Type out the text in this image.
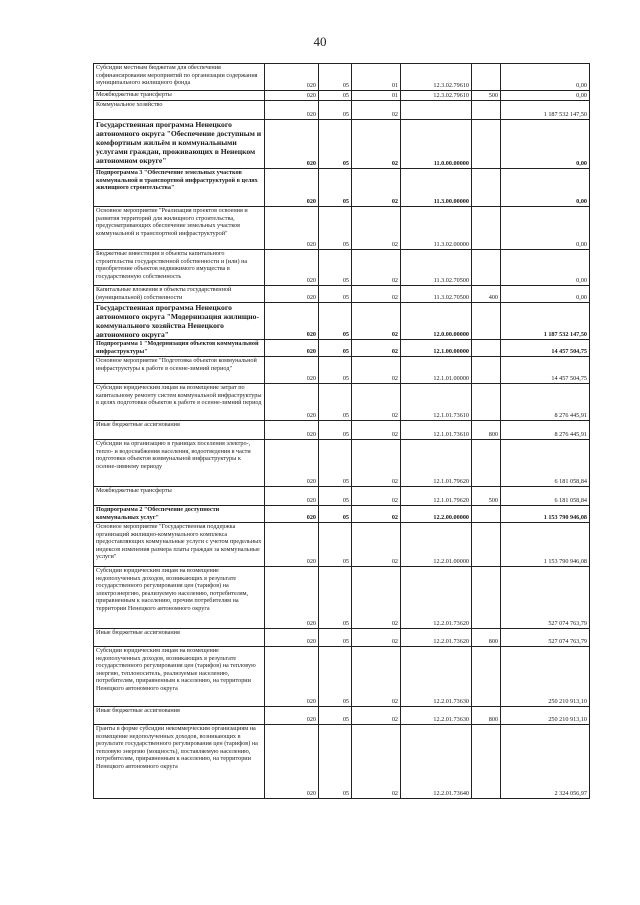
40
Субсидии местным бюджетам для обеспечения софинансирования мероприятий по организации содержания муниципального жилищного фонда	020	05	01	12.3.02.79610		0,00
Межбюджетные трансферты	020	05	01	12.3.02.79610	500	0,00
Коммунальное хозяйство	020	05	02			1 187 532 147,50
Государственная программа Ненецкого автономного округа "Обеспечение доступным и комфортным жильём и коммунальными услугами граждан, проживающих в Ненецком автономном округе"	020	05	02	11.0.00.00000		0,00
Подпрограмма 3 "Обеспечение земельных участков коммунальной и транспортной инфраструктурой в целях жилищного строительства"	020	05	02	11.3.00.00000		0,00
Основное мероприятие "Реализация проектов освоения и развития территорий для жилищного строительства, предусматривающих обеспечение земельных участков коммунальной и транспортной инфраструктурой"	020	05	02	11.3.02.00000		0,00
Бюджетные инвестиции в объекты капитального строительства государственной собственности и (или) на приобретение объектов недвижимого имущества в государственную собственность	020	05	02	11.3.02.70500		0,00
Капитальные вложения в объекты государственной (муниципальной) собственности	020	05	02	11.3.02.70500	400	0,00
Государственная программа Ненецкого автономного округа "Модернизация жилищно-коммунального хозяйства Ненецкого автономного округа"	020	05	02	12.0.00.00000		1 187 532 147,50
Подпрограмма 1 "Модернизация объектов коммунальной инфраструктуры"	020	05	02	12.1.00.00000		14 457 504,75
Основное мероприятие "Подготовка объектов коммунальной инфраструктуры к работе в осенне-зимний период"	020	05	02	12.1.01.00000		14 457 504,75
Субсидии юридическим лицам на возмещение затрат по капитальному ремонту систем коммунальной инфраструктуры в целях подготовки объектов к работе в осенне-зимний период	020	05	02	12.1.01.73610		8 276 445,91
Иные бюджетные ассигнования	020	05	02	12.1.01.73610	800	8 276 445,91
Субсидии на организацию в границах поселения электро-, тепло- и водоснабжения населения, водоотведения в части подготовки объектов коммунальной инфраструктуры к осенне-зимнему периоду	020	05	02	12.1.01.79620		6 181 058,84
Межбюджетные трансферты	020	05	02	12.1.01.79620	500	6 181 058,84
Подпрограмма 2 "Обеспечение доступности коммунальных услуг"	020	05	02	12.2.00.00000		1 153 790 946,08
Основное мероприятие "Государственная поддержка организаций жилищно-коммунального комплекса предоставляющих коммунальные услуги с учетом предельных индексов изменения размера платы граждан за коммунальные услуги"	020	05	02	12.2.01.00000		1 153 790 946,08
Субсидии юридическим лицам на возмещение недополученных доходов, возникающих в результате государственного регулирования цен (тарифов) на электроэнергию, реализуемую населению, потребителям, приравненным к населению, прочим потребителям на территории Ненецкого автономного округа	020	05	02	12.2.01.73620		527 074 763,79
Иные бюджетные ассигнования	020	05	02	12.2.01.73620	800	527 074 763,79
Субсидии юридическим лицам на возмещение недополученных доходов, возникающих в результате государственного регулирования цен (тарифов) на тепловую энергию, теплоноситель, реализуемые населению, потребителям, приравненным к населению, на территории Ненецкого автономного округа	020	05	02	12.2.01.73630		250 210 913,10
Иные бюджетные ассигнования	020	05	02	12.2.01.73630	800	250 210 913,10
Гранты в форме субсидии некоммерческим организациям на возмещение недополученных доходов, возникающих в результате государственного регулирования цен (тарифов) на тепловую энергию (мощность), поставляемую населению, потребителям, приравненным к населению, на территории Ненецкого автономного округа	020	05	02	12.2.01.73640		2 324 056,97
